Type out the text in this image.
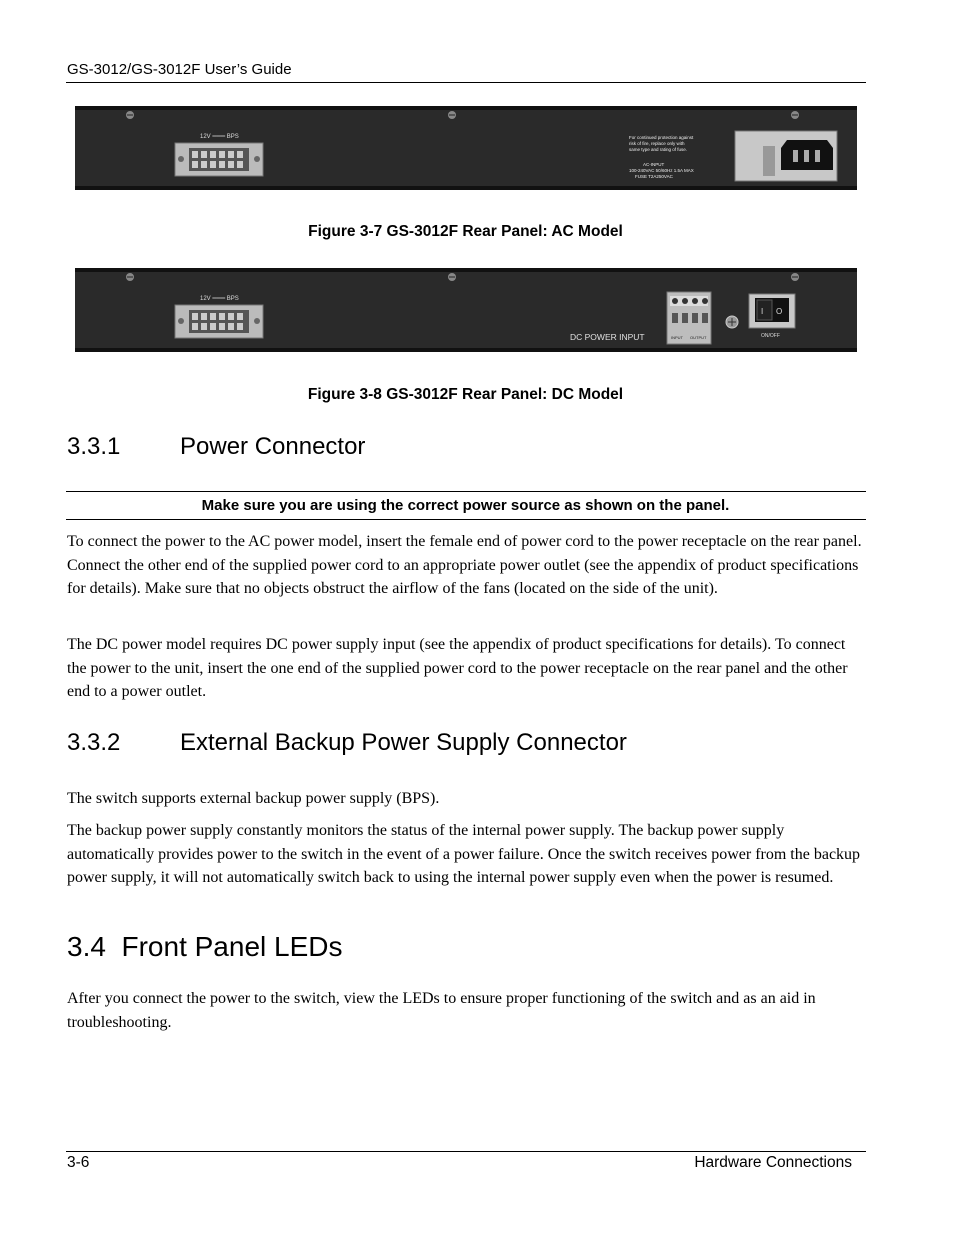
GS-3012/GS-3012F User’s Guide
12V ═══ BPS	For continued protection against
risk of fire, replace only with
same type and rating of fuse.
AC-INPUT
100-240VAC 50/60Hz 1.5A MAX
FUSE T2A250VAC
Figure 3-7 GS-3012F Rear Panel: AC Model
12V ═══ BPS
DC POWER INPUT	INPUT OUTPUT
I O
ON/OFF
Figure 3-8 GS-3012F Rear Panel: DC Model
3.3.1 Power Connector
Make sure you are using the correct power source as shown on the panel.
To connect the power to the AC power model, insert the female end of power cord to the power receptacle on the rear panel. Connect the other end of the supplied power cord to an appropriate power outlet (see the appendix of product specifications for details). Make sure that no objects obstruct the airflow of the fans (located on the side of the unit).
The DC power model requires DC power supply input (see the appendix of product specifications for details). To connect the power to the unit, insert the one end of the supplied power cord to the power receptacle on the rear panel and the other end to a power outlet.
3.3.2 External Backup Power Supply Connector
The switch supports external backup power supply (BPS).
The backup power supply constantly monitors the status of the internal power supply. The backup power supply automatically provides power to the switch in the event of a power failure. Once the switch receives power from the backup power supply, it will not automatically switch back to using the internal power supply even when the power is resumed.
3.4 Front Panel LEDs
After you connect the power to the switch, view the LEDs to ensure proper functioning of the switch and as an aid in troubleshooting.
3-6	Hardware Connections
